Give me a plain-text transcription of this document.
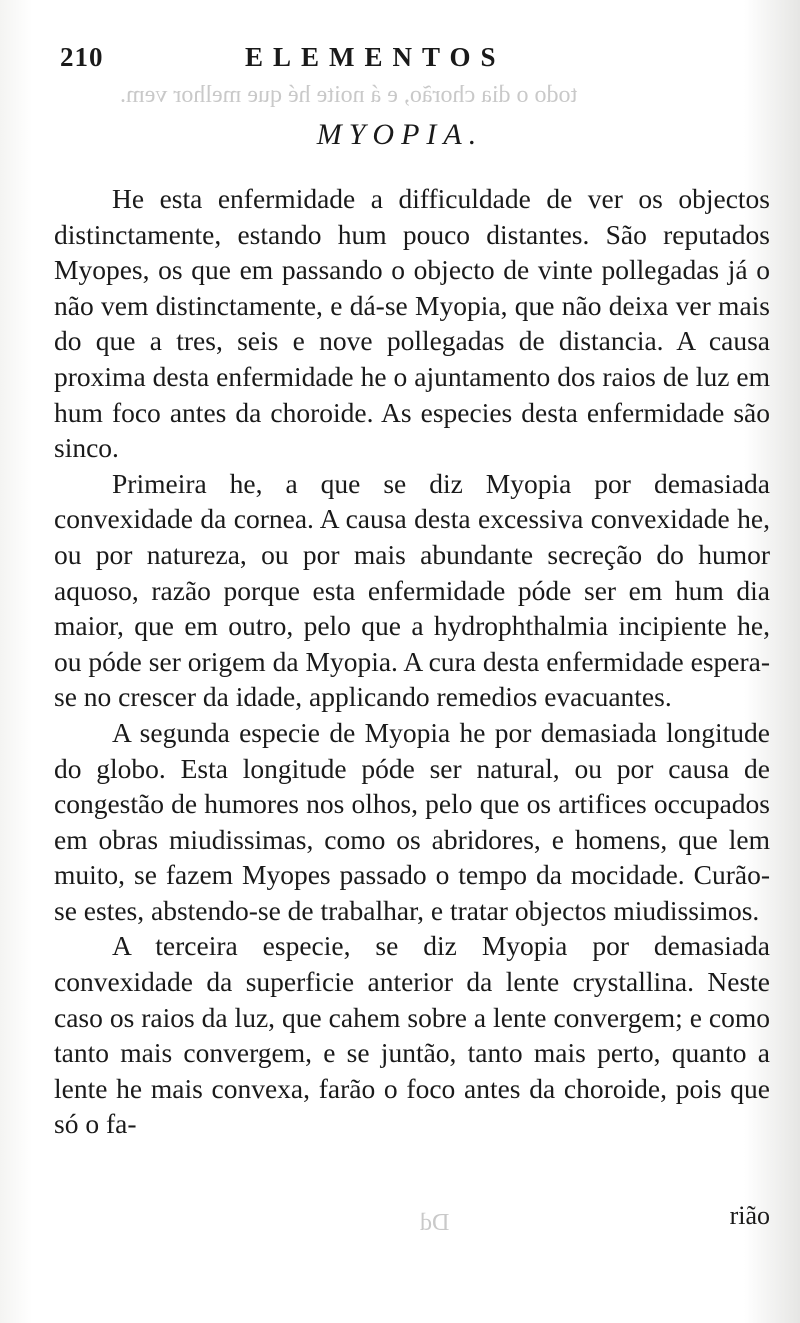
todo o dia chorão, e á noite hé que melhor vem.
Dd
210	ELEMENTOS
MYOPIA.

He esta enfermidade a difficuldade de ver os objectos distinctamente, estando hum pouco distantes. São reputados Myopes, os que em passando o objecto de vinte pollegadas já o não vem distinctamente, e dá-se Myopia, que não deixa ver mais do que a tres, seis e nove pollegadas de distancia. A causa proxima desta enfermidade he o ajuntamento dos raios de luz em hum foco antes da choroide. As especies desta enfermidade são sinco.

Primeira he, a que se diz Myopia por demasiada convexidade da cornea. A causa desta excessiva convexidade he, ou por natureza, ou por mais abundante secreção do humor aquoso, razão porque esta enfermidade póde ser em hum dia maior, que em outro, pelo que a hydrophthalmia incipiente he, ou póde ser origem da Myopia. A cura desta enfermidade espera-se no crescer da idade, applicando remedios evacuantes.

A segunda especie de Myopia he por demasiada longitude do globo. Esta longitude póde ser natural, ou por causa de congestão de humores nos olhos, pelo que os artifices occupados em obras miudissimas, como os abridores, e homens, que lem muito, se fazem Myopes passado o tempo da mocidade. Curão-se estes, abstendo-se de trabalhar, e tratar objectos miudissimos.

A terceira especie, se diz Myopia por demasiada convexidade da superficie anterior da lente crystallina. Neste caso os raios da luz, que cahem sobre a lente convergem; e como tanto mais convergem, e se juntão, tanto mais perto, quanto a lente he mais convexa, farão o foco antes da choroide, pois que só o fa-

rião
